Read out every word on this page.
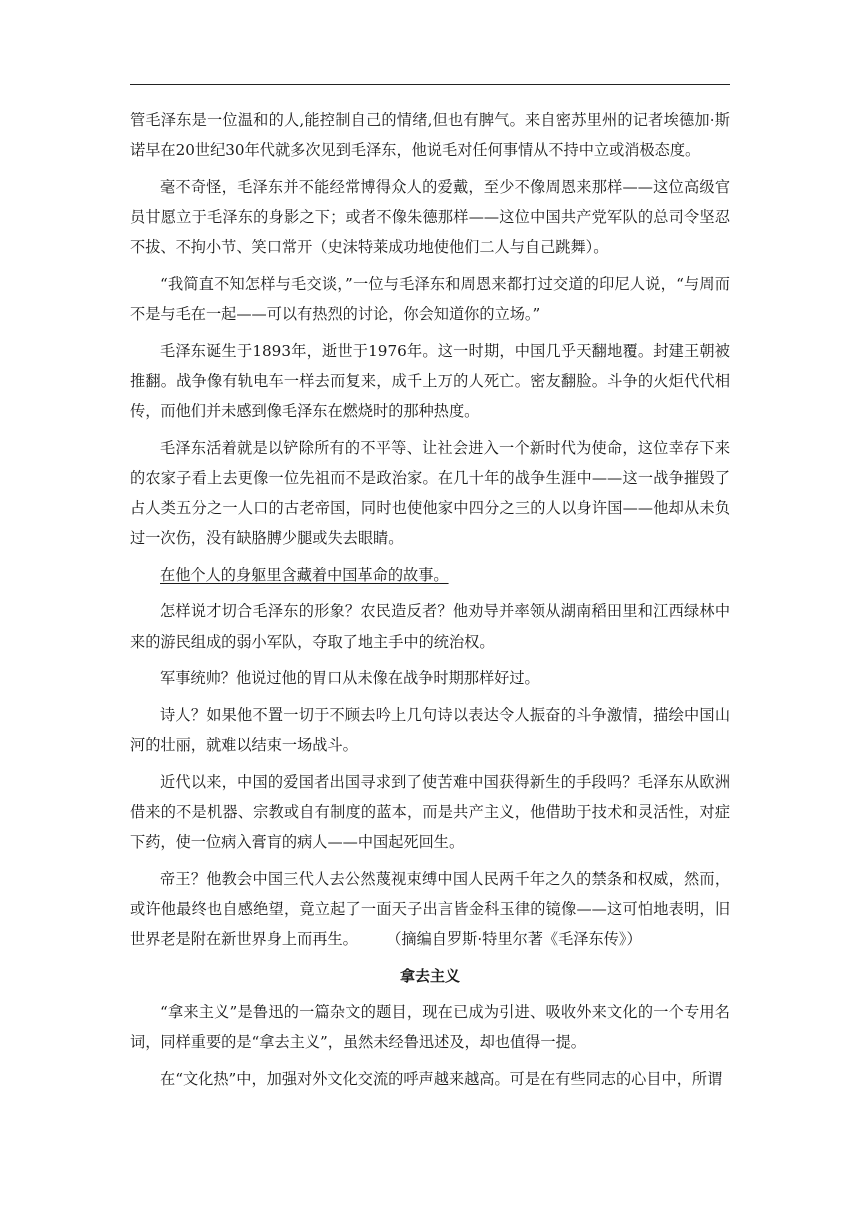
管毛泽东是一位温和的人,能控制自己的情绪,但也有脾气。来自密苏里州的记者埃德加·斯诺早在20世纪30年代就多次见到毛泽东，他说毛对任何事情从不持中立或消极态度。

毫不奇怪，毛泽东并不能经常博得众人的爱戴，至少不像周恩来那样——这位高级官员甘愿立于毛泽东的身影之下；或者不像朱德那样——这位中国共产党军队的总司令坚忍不拔、不拘小节、笑口常开（史沫特莱成功地使他们二人与自己跳舞）。

“我简直不知怎样与毛交谈，”一位与毛泽东和周恩来都打过交道的印尼人说，“与周而不是与毛在一起——可以有热烈的讨论，你会知道你的立场。”

毛泽东诞生于1893年，逝世于1976年。这一时期，中国几乎天翻地覆。封建王朝被推翻。战争像有轨电车一样去而复来，成千上万的人死亡。密友翻脸。斗争的火炬代代相传，而他们并未感到像毛泽东在燃烧时的那种热度。

毛泽东活着就是以铲除所有的不平等、让社会进入一个新时代为使命，这位幸存下来的农家子看上去更像一位先祖而不是政治家。在几十年的战争生涯中——这一战争摧毁了占人类五分之一人口的古老帝国，同时也使他家中四分之三的人以身许国——他却从未负过一次伤，没有缺胳膊少腿或失去眼睛。

在他个人的身躯里含藏着中国革命的故事。

怎样说才切合毛泽东的形象？农民造反者？他劝导并率领从湖南稻田里和江西绿林中来的游民组成的弱小军队，夺取了地主手中的统治权。

军事统帅？他说过他的胃口从未像在战争时期那样好过。

诗人？如果他不置一切于不顾去吟上几句诗以表达令人振奋的斗争激情，描绘中国山河的壮丽，就难以结束一场战斗。

近代以来，中国的爱国者出国寻求到了使苦难中国获得新生的手段吗？毛泽东从欧洲借来的不是机器、宗教或自有制度的蓝本，而是共产主义，他借助于技术和灵活性，对症下药，使一位病入膏肓的病人——中国起死回生。

帝王？他教会中国三代人去公然蔑视束缚中国人民两千年之久的禁条和权威，然而，或许他最终也自感绝望，竟立起了一面天子出言皆金科玉律的镜像——这可怕地表明，旧世界老是附在新世界身上而再生。 （摘编自罗斯·特里尔著《毛泽东传》）

拿去主义

“拿来主义”是鲁迅的一篇杂文的题目，现在已成为引进、吸收外来文化的一个专用名词，同样重要的是“拿去主义”，虽然未经鲁迅述及，却也值得一提。

在“文化热”中，加强对外文化交流的呼声越来越高。可是在有些同志的心目中，所谓
